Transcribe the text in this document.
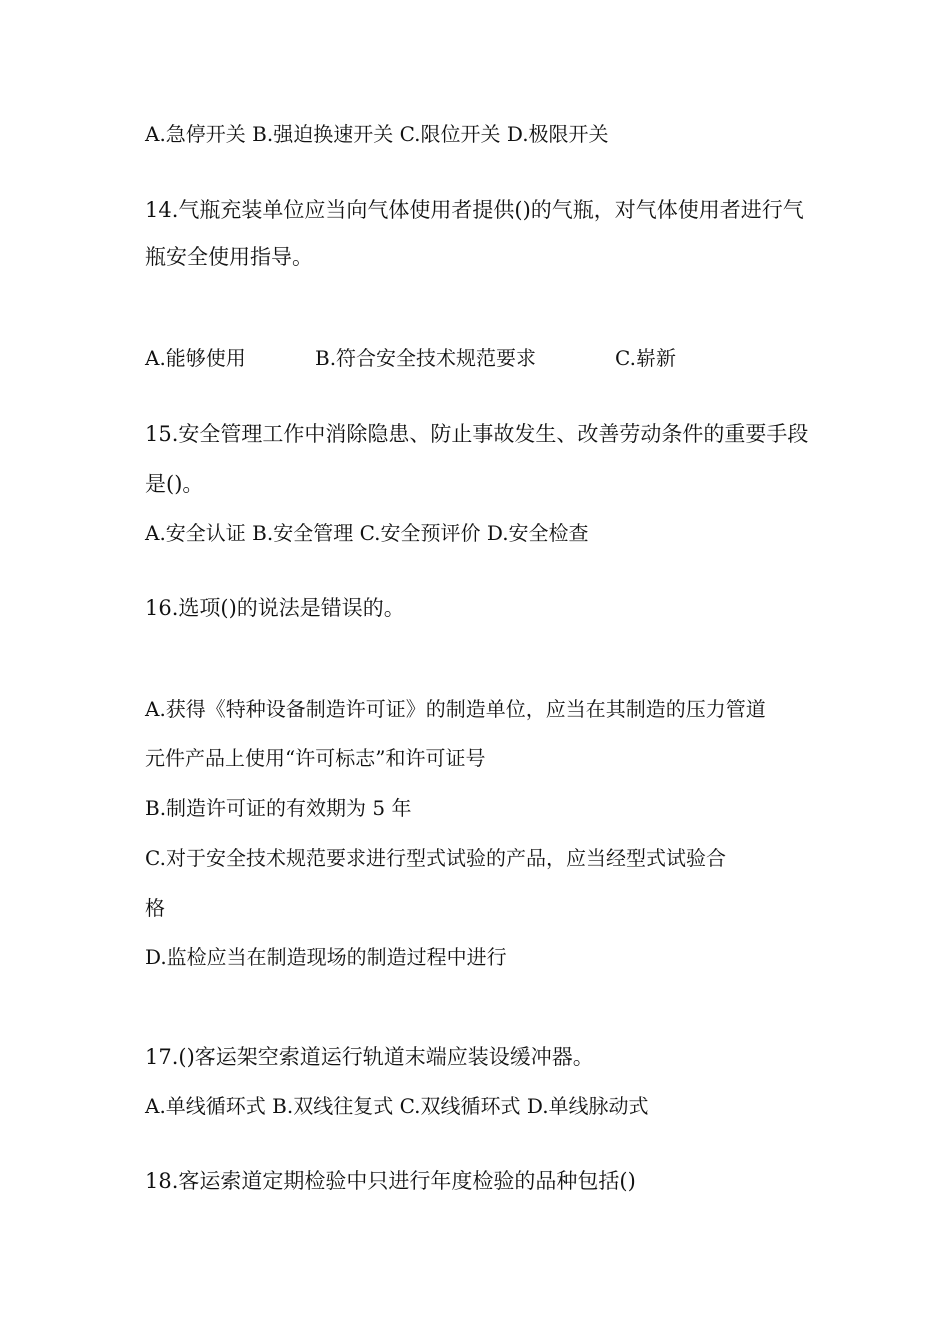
A.急停开关 B.强迫换速开关 C.限位开关 D.极限开关
14.气瓶充装单位应当向气体使用者提供()的气瓶，对气体使用者进行气
瓶安全使用指导。
A.能够使用	B.符合安全技术规范要求	C.崭新
15.安全管理工作中消除隐患、防止事故发生、改善劳动条件的重要手段
是()。
A.安全认证 B.安全管理 C.安全预评价 D.安全检查
16.选项()的说法是错误的。
A.获得《特种设备制造许可证》的制造单位，应当在其制造的压力管道
元件产品上使用“许可标志”和许可证号
B.制造许可证的有效期为 5 年
C.对于安全技术规范要求进行型式试验的产品，应当经型式试验合
格
D.监检应当在制造现场的制造过程中进行
17.()客运架空索道运行轨道末端应装设缓冲器。
A.单线循环式 B.双线往复式 C.双线循环式 D.单线脉动式
18.客运索道定期检验中只进行年度检验的品种包括()
